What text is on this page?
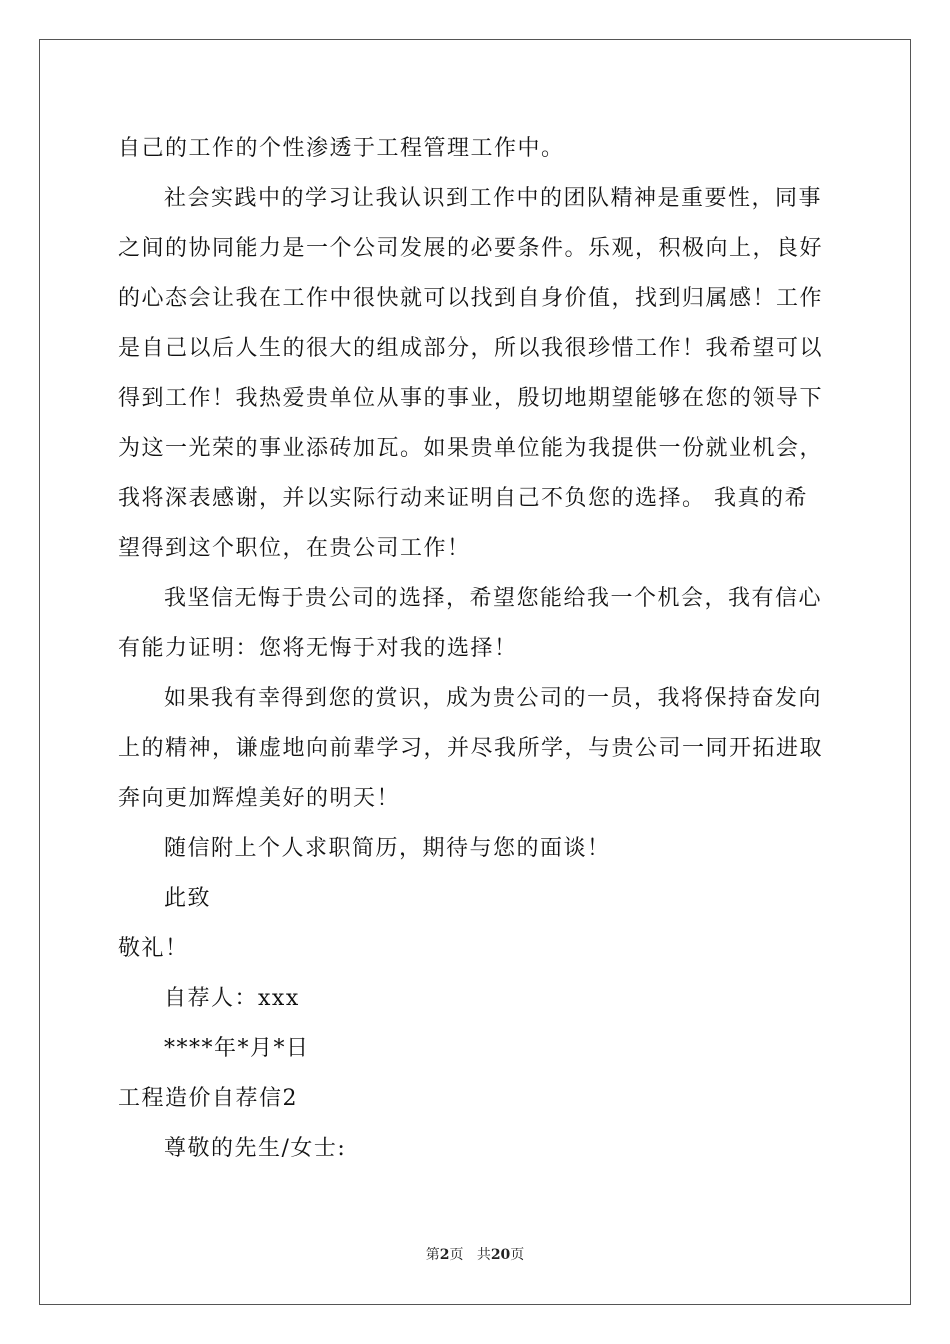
自己的工作的个性渗透于工程管理工作中。
社会实践中的学习让我认识到工作中的团队精神是重要性，同事
之间的协同能力是一个公司发展的必要条件。乐观，积极向上，良好
的心态会让我在工作中很快就可以找到自身价值，找到归属感！工作
是自己以后人生的很大的组成部分，所以我很珍惜工作！我希望可以
得到工作！我热爱贵单位从事的事业，殷切地期望能够在您的领导下
为这一光荣的事业添砖加瓦。如果贵单位能为我提供一份就业机会，
我将深表感谢，并以实际行动来证明自己不负您的选择。 我真的希
望得到这个职位，在贵公司工作！
我坚信无悔于贵公司的选择，希望您能给我一个机会，我有信心
有能力证明：您将无悔于对我的选择！
如果我有幸得到您的赏识，成为贵公司的一员，我将保持奋发向
上的精神，谦虚地向前辈学习，并尽我所学，与贵公司一同开拓进取
奔向更加辉煌美好的明天！
随信附上个人求职简历，期待与您的面谈！
此致
敬礼！
自荐人：xxx
****年*月*日
工程造价自荐信2
尊敬的先生/女士:
第2页 共20页
